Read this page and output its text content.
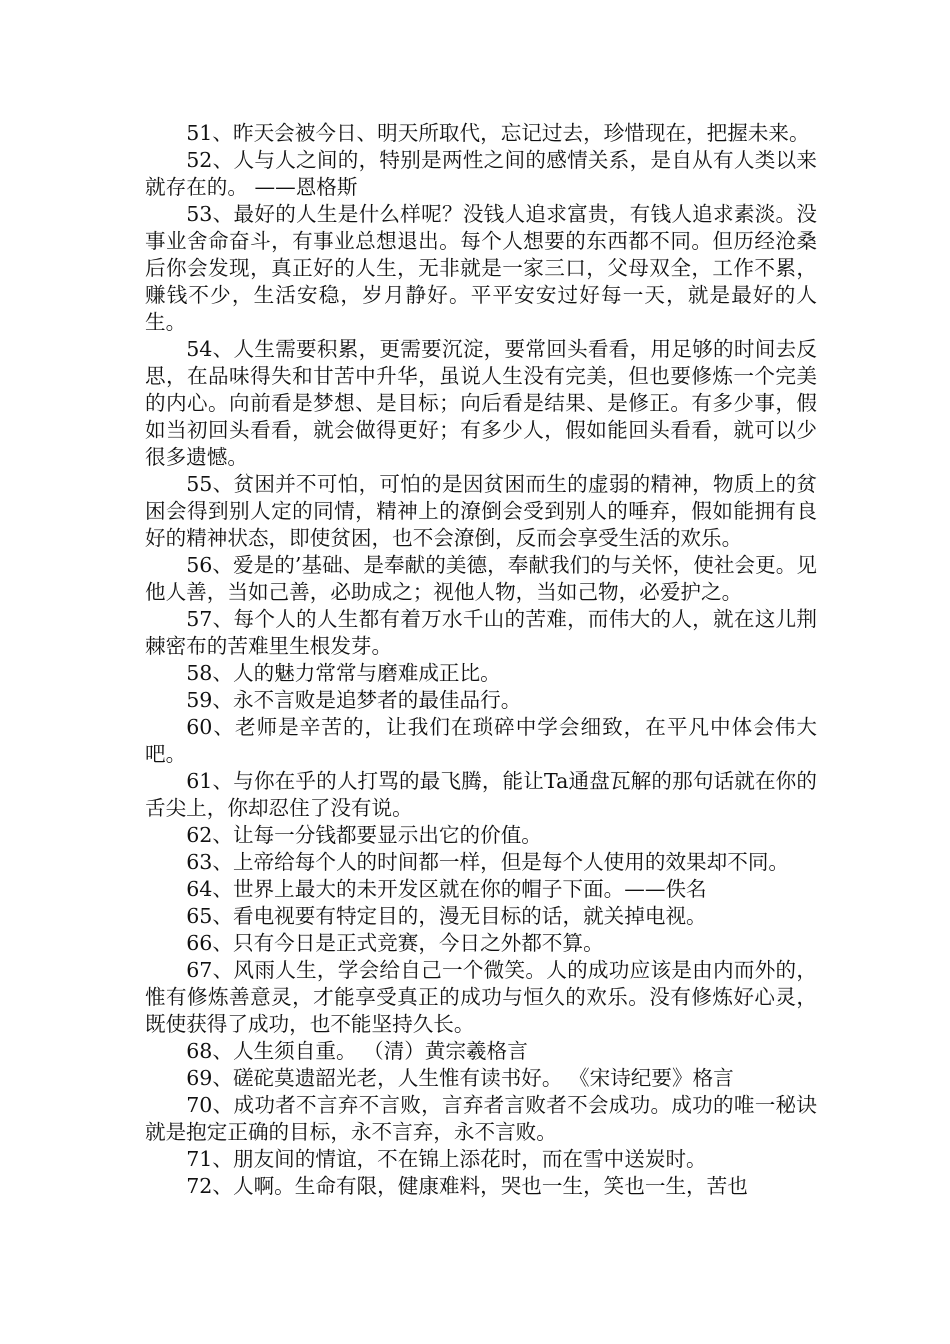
51、昨天会被今日、明天所取代，忘记过去，珍惜现在，把握未来。

52、人与人之间的，特别是两性之间的感情关系，是自从有人类以来就存在的。 ——恩格斯

53、最好的人生是什么样呢？没钱人追求富贵，有钱人追求素淡。没事业舍命奋斗，有事业总想退出。每个人想要的东西都不同。但历经沧桑后你会发现，真正好的人生，无非就是一家三口，父母双全，工作不累，赚钱不少，生活安稳，岁月静好。平平安安过好每一天，就是最好的人生。

54、人生需要积累，更需要沉淀，要常回头看看，用足够的时间去反思，在品味得失和甘苦中升华，虽说人生没有完美，但也要修炼一个完美的内心。向前看是梦想、是目标；向后看是结果、是修正。有多少事，假如当初回头看看，就会做得更好；有多少人，假如能回头看看，就可以少很多遗憾。

55、贫困并不可怕，可怕的是因贫困而生的虚弱的精神，物质上的贫困会得到别人定的同情，精神上的潦倒会受到别人的唾弃，假如能拥有良好的精神状态，即使贫困，也不会潦倒，反而会享受生活的欢乐。

56、爱是的’基础、是奉献的美德，奉献我们的与关怀，使社会更。见他人善，当如己善，必助成之；视他人物，当如己物，必爱护之。

57、每个人的人生都有着万水千山的苦难，而伟大的人，就在这儿荆棘密布的苦难里生根发芽。

58、人的魅力常常与磨难成正比。

59、永不言败是追梦者的最佳品行。

60、老师是辛苦的，让我们在琐碎中学会细致，在平凡中体会伟大吧。

61、与你在乎的人打骂的最飞腾，能让Ta通盘瓦解的那句话就在你的舌尖上，你却忍住了没有说。

62、让每一分钱都要显示出它的价值。

63、上帝给每个人的时间都一样，但是每个人使用的效果却不同。

64、世界上最大的未开发区就在你的帽子下面。——佚名

65、看电视要有特定目的，漫无目标的话，就关掉电视。

66、只有今日是正式竞赛，今日之外都不算。

67、风雨人生，学会给自己一个微笑。人的成功应该是由内而外的，惟有修炼善意灵，才能享受真正的成功与恒久的欢乐。没有修炼好心灵，既使获得了成功，也不能坚持久长。

68、人生须自重。 （清）黄宗羲格言

69、磋砣莫遗韶光老，人生惟有读书好。 《宋诗纪要》格言

70、成功者不言弃不言败，言弃者言败者不会成功。成功的唯一秘诀就是抱定正确的目标，永不言弃，永不言败。

71、朋友间的情谊，不在锦上添花时，而在雪中送炭时。

72、人啊。生命有限，健康难料，哭也一生，笑也一生，苦也
